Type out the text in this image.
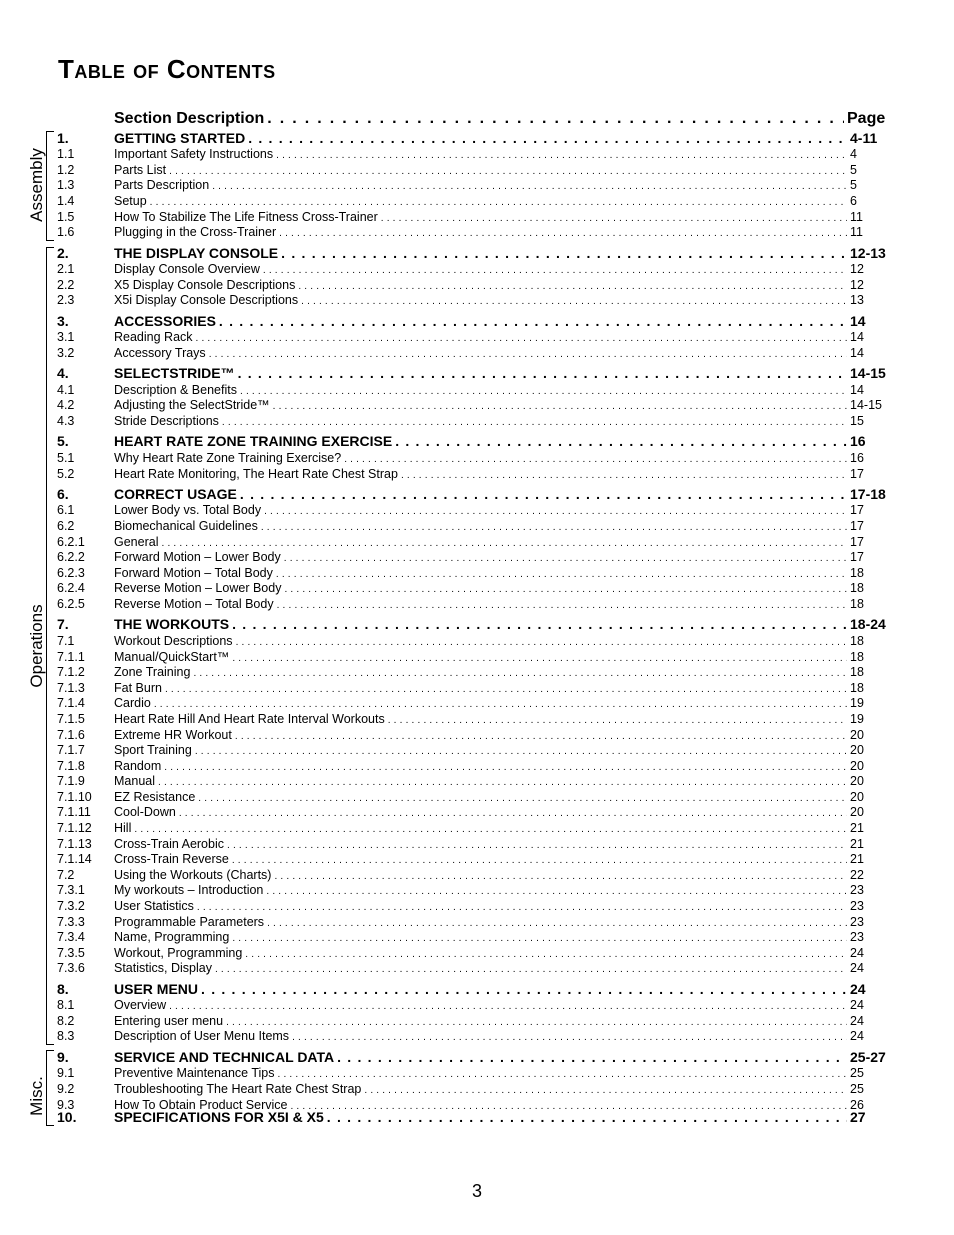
Table of Contents
Assembly
Operations
Misc.
Section Description . . .	Page
1.	GETTING STARTED . . .	4-11
1.1	Important Safety Instructions . . .	4
1.2	Parts List . . .	5
1.3	Parts Description . . .	5
1.4	Setup . . .	6
1.5	How To Stabilize The Life Fitness Cross-Trainer . . .	11
1.6	Plugging in the Cross-Trainer . . .	11
2.	THE DISPLAY CONSOLE . . .	12-13
2.1	Display Console Overview . . .	12
2.2	X5 Display Console Descriptions . . .	12
2.3	X5i Display Console Descriptions . . .	13
3.	ACCESSORIES . . .	14
3.1	Reading Rack . . .	14
3.2	Accessory Trays . . .	14
4.	SELECTSTRIDE™ . . .	14-15
4.1	Description & Benefits . . .	14
4.2	Adjusting the SelectStride™ . . .	14-15
4.3	Stride Descriptions . . .	15
5.	HEART RATE ZONE TRAINING EXERCISE . . .	16
5.1	Why Heart Rate Zone Training Exercise? . . .	16
5.2	Heart Rate Monitoring, The Heart Rate Chest Strap . . .	17
6.	CORRECT USAGE . . .	17-18
6.1	Lower Body vs. Total Body . . .	17
6.2	Biomechanical Guidelines . . .	17
6.2.1	General . . .	17
6.2.2	Forward Motion – Lower Body . . .	17
6.2.3	Forward Motion – Total Body . . .	18
6.2.4	Reverse Motion – Lower Body . . .	18
6.2.5	Reverse Motion – Total Body . . .	18
7.	THE WORKOUTS . . .	18-24
7.1	Workout Descriptions . . .	18
7.1.1	Manual/QuickStart™ . . .	18
7.1.2	Zone Training . . .	18
7.1.3	Fat Burn . . .	18
7.1.4	Cardio . . .	19
7.1.5	Heart Rate Hill And Heart Rate Interval Workouts . . .	19
7.1.6	Extreme HR Workout . . .	20
7.1.7	Sport Training . . .	20
7.1.8	Random . . .	20
7.1.9	Manual . . .	20
7.1.10	EZ Resistance . . .	20
7.1.11	Cool-Down . . .	20
7.1.12	Hill . . .	21
7.1.13	Cross-Train Aerobic . . .	21
7.1.14	Cross-Train Reverse . . .	21
7.2	Using the Workouts (Charts) . . .	22
7.3.1	My workouts – Introduction . . .	23
7.3.2	User Statistics . . .	23
7.3.3	Programmable Parameters . . .	23
7.3.4	Name, Programming . . .	23
7.3.5	Workout, Programming . . .	24
7.3.6	Statistics, Display . . .	24
8.	USER MENU . . .	24
8.1	Overview . . .	24
8.2	Entering user menu . . .	24
8.3	Description of User Menu Items . . .	24
9.	SERVICE AND TECHNICAL DATA . . .	25-27
9.1	Preventive Maintenance Tips . . .	25
9.2	Troubleshooting The Heart Rate Chest Strap . . .	25
9.3	How To Obtain Product Service . . .	26
10.	SPECIFICATIONS FOR X5I & X5 . . .	27
3
